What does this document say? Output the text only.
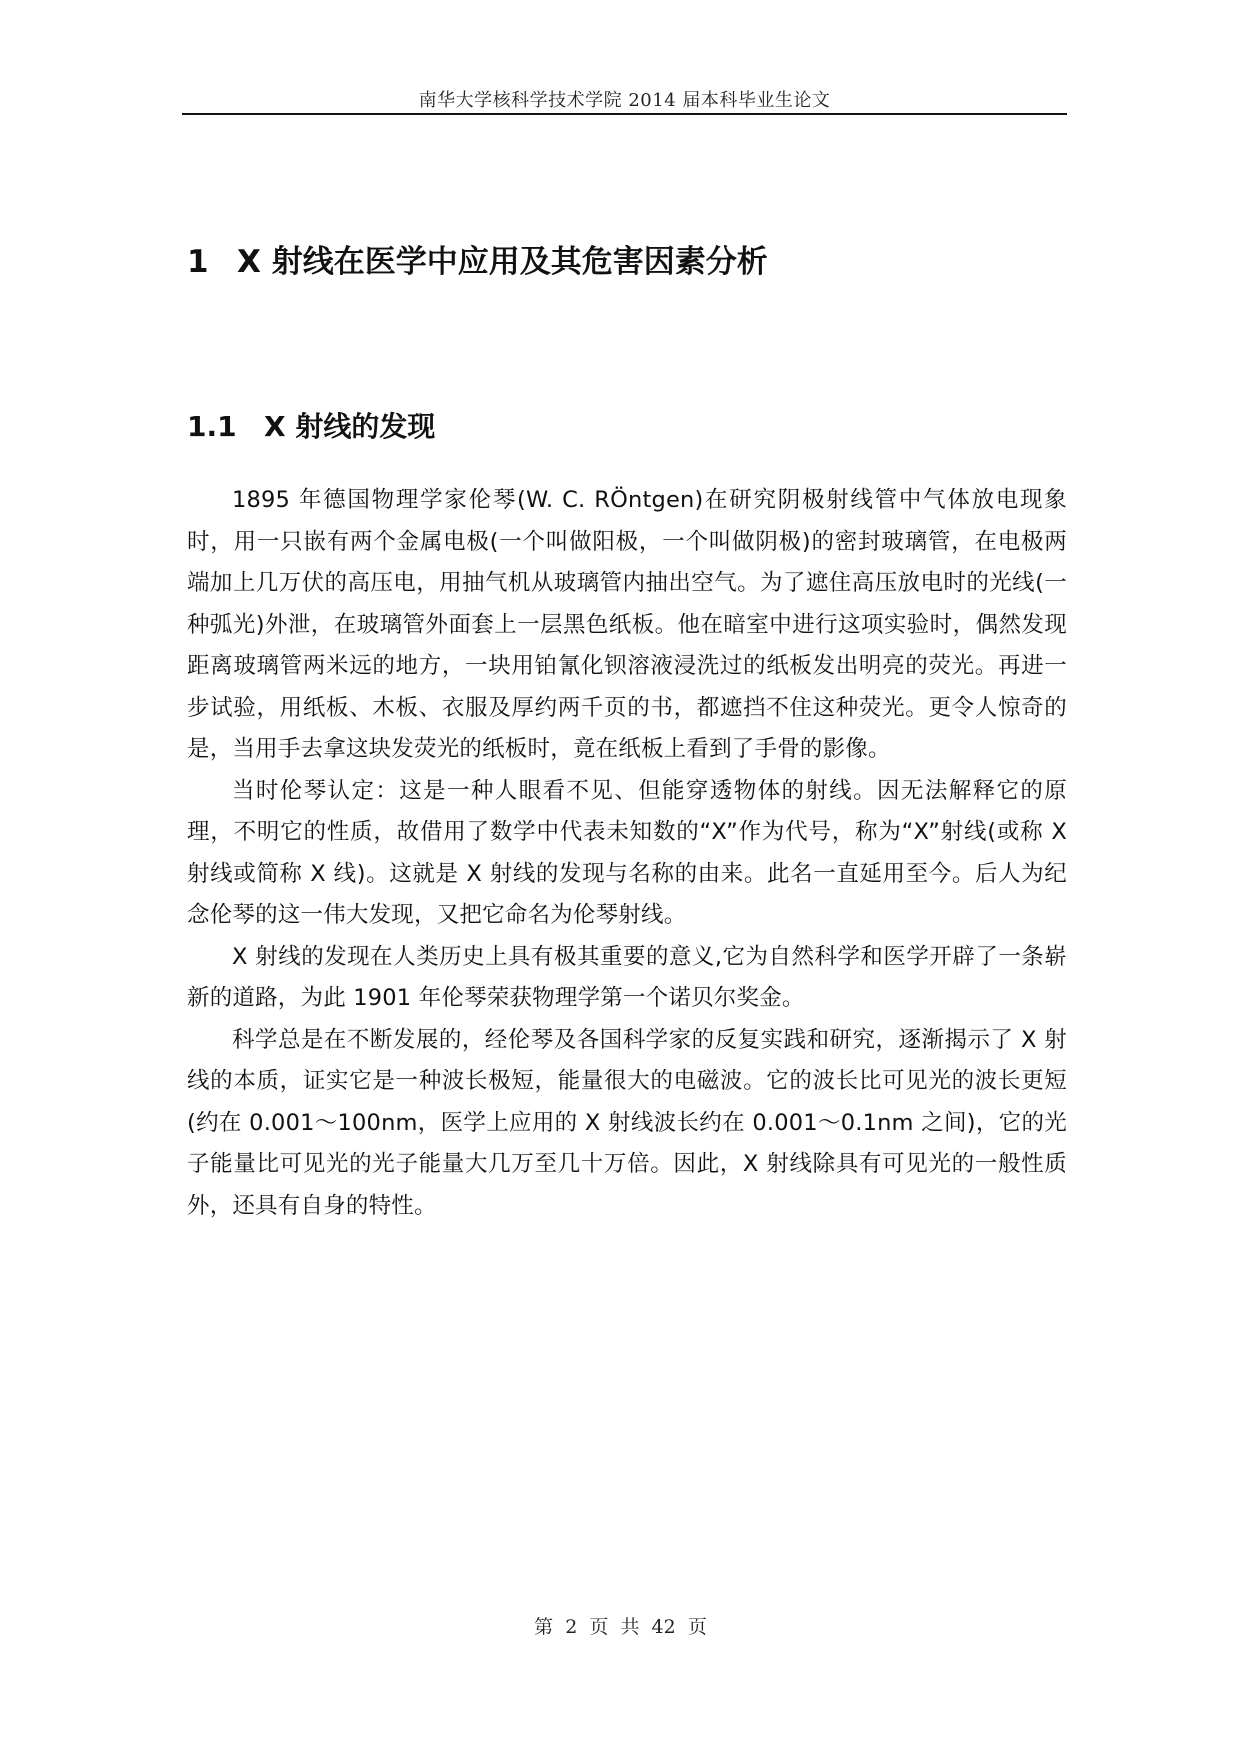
南华大学核科学技术学院 2014 届本科毕业生论文
1 X 射线在医学中应用及其危害因素分析
1.1 X 射线的发现

1895 年德国物理学家伦琴(W. C. RÖntgen)在研究阴极射线管中气体放电现象时，用一只嵌有两个金属电极(一个叫做阳极，一个叫做阴极)的密封玻璃管，在电极两端加上几万伏的高压电，用抽气机从玻璃管内抽出空气。为了遮住高压放电时的光线(一种弧光)外泄，在玻璃管外面套上一层黑色纸板。他在暗室中进行这项实验时，偶然发现距离玻璃管两米远的地方，一块用铂氰化钡溶液浸洗过的纸板发出明亮的荧光。再进一步试验，用纸板、木板、衣服及厚约两千页的书，都遮挡不住这种荧光。更令人惊奇的是，当用手去拿这块发荧光的纸板时，竟在纸板上看到了手骨的影像。

当时伦琴认定：这是一种人眼看不见、但能穿透物体的射线。因无法解释它的原理，不明它的性质，故借用了数学中代表未知数的“X”作为代号，称为“X”射线(或称 X 射线或简称 X 线)。这就是 X 射线的发现与名称的由来。此名一直延用至今。后人为纪念伦琴的这一伟大发现，又把它命名为伦琴射线。

X 射线的发现在人类历史上具有极其重要的意义,它为自然科学和医学开辟了一条崭新的道路，为此 1901 年伦琴荣获物理学第一个诺贝尔奖金。

科学总是在不断发展的，经伦琴及各国科学家的反复实践和研究，逐渐揭示了 X 射线的本质，证实它是一种波长极短，能量很大的电磁波。它的波长比可见光的波长更短(约在 0.001～100nm，医学上应用的 X 射线波长约在 0.001～0.1nm 之间)，它的光子能量比可见光的光子能量大几万至几十万倍。因此，X 射线除具有可见光的一般性质外，还具有自身的特性。

第  2  页  共  42  页
